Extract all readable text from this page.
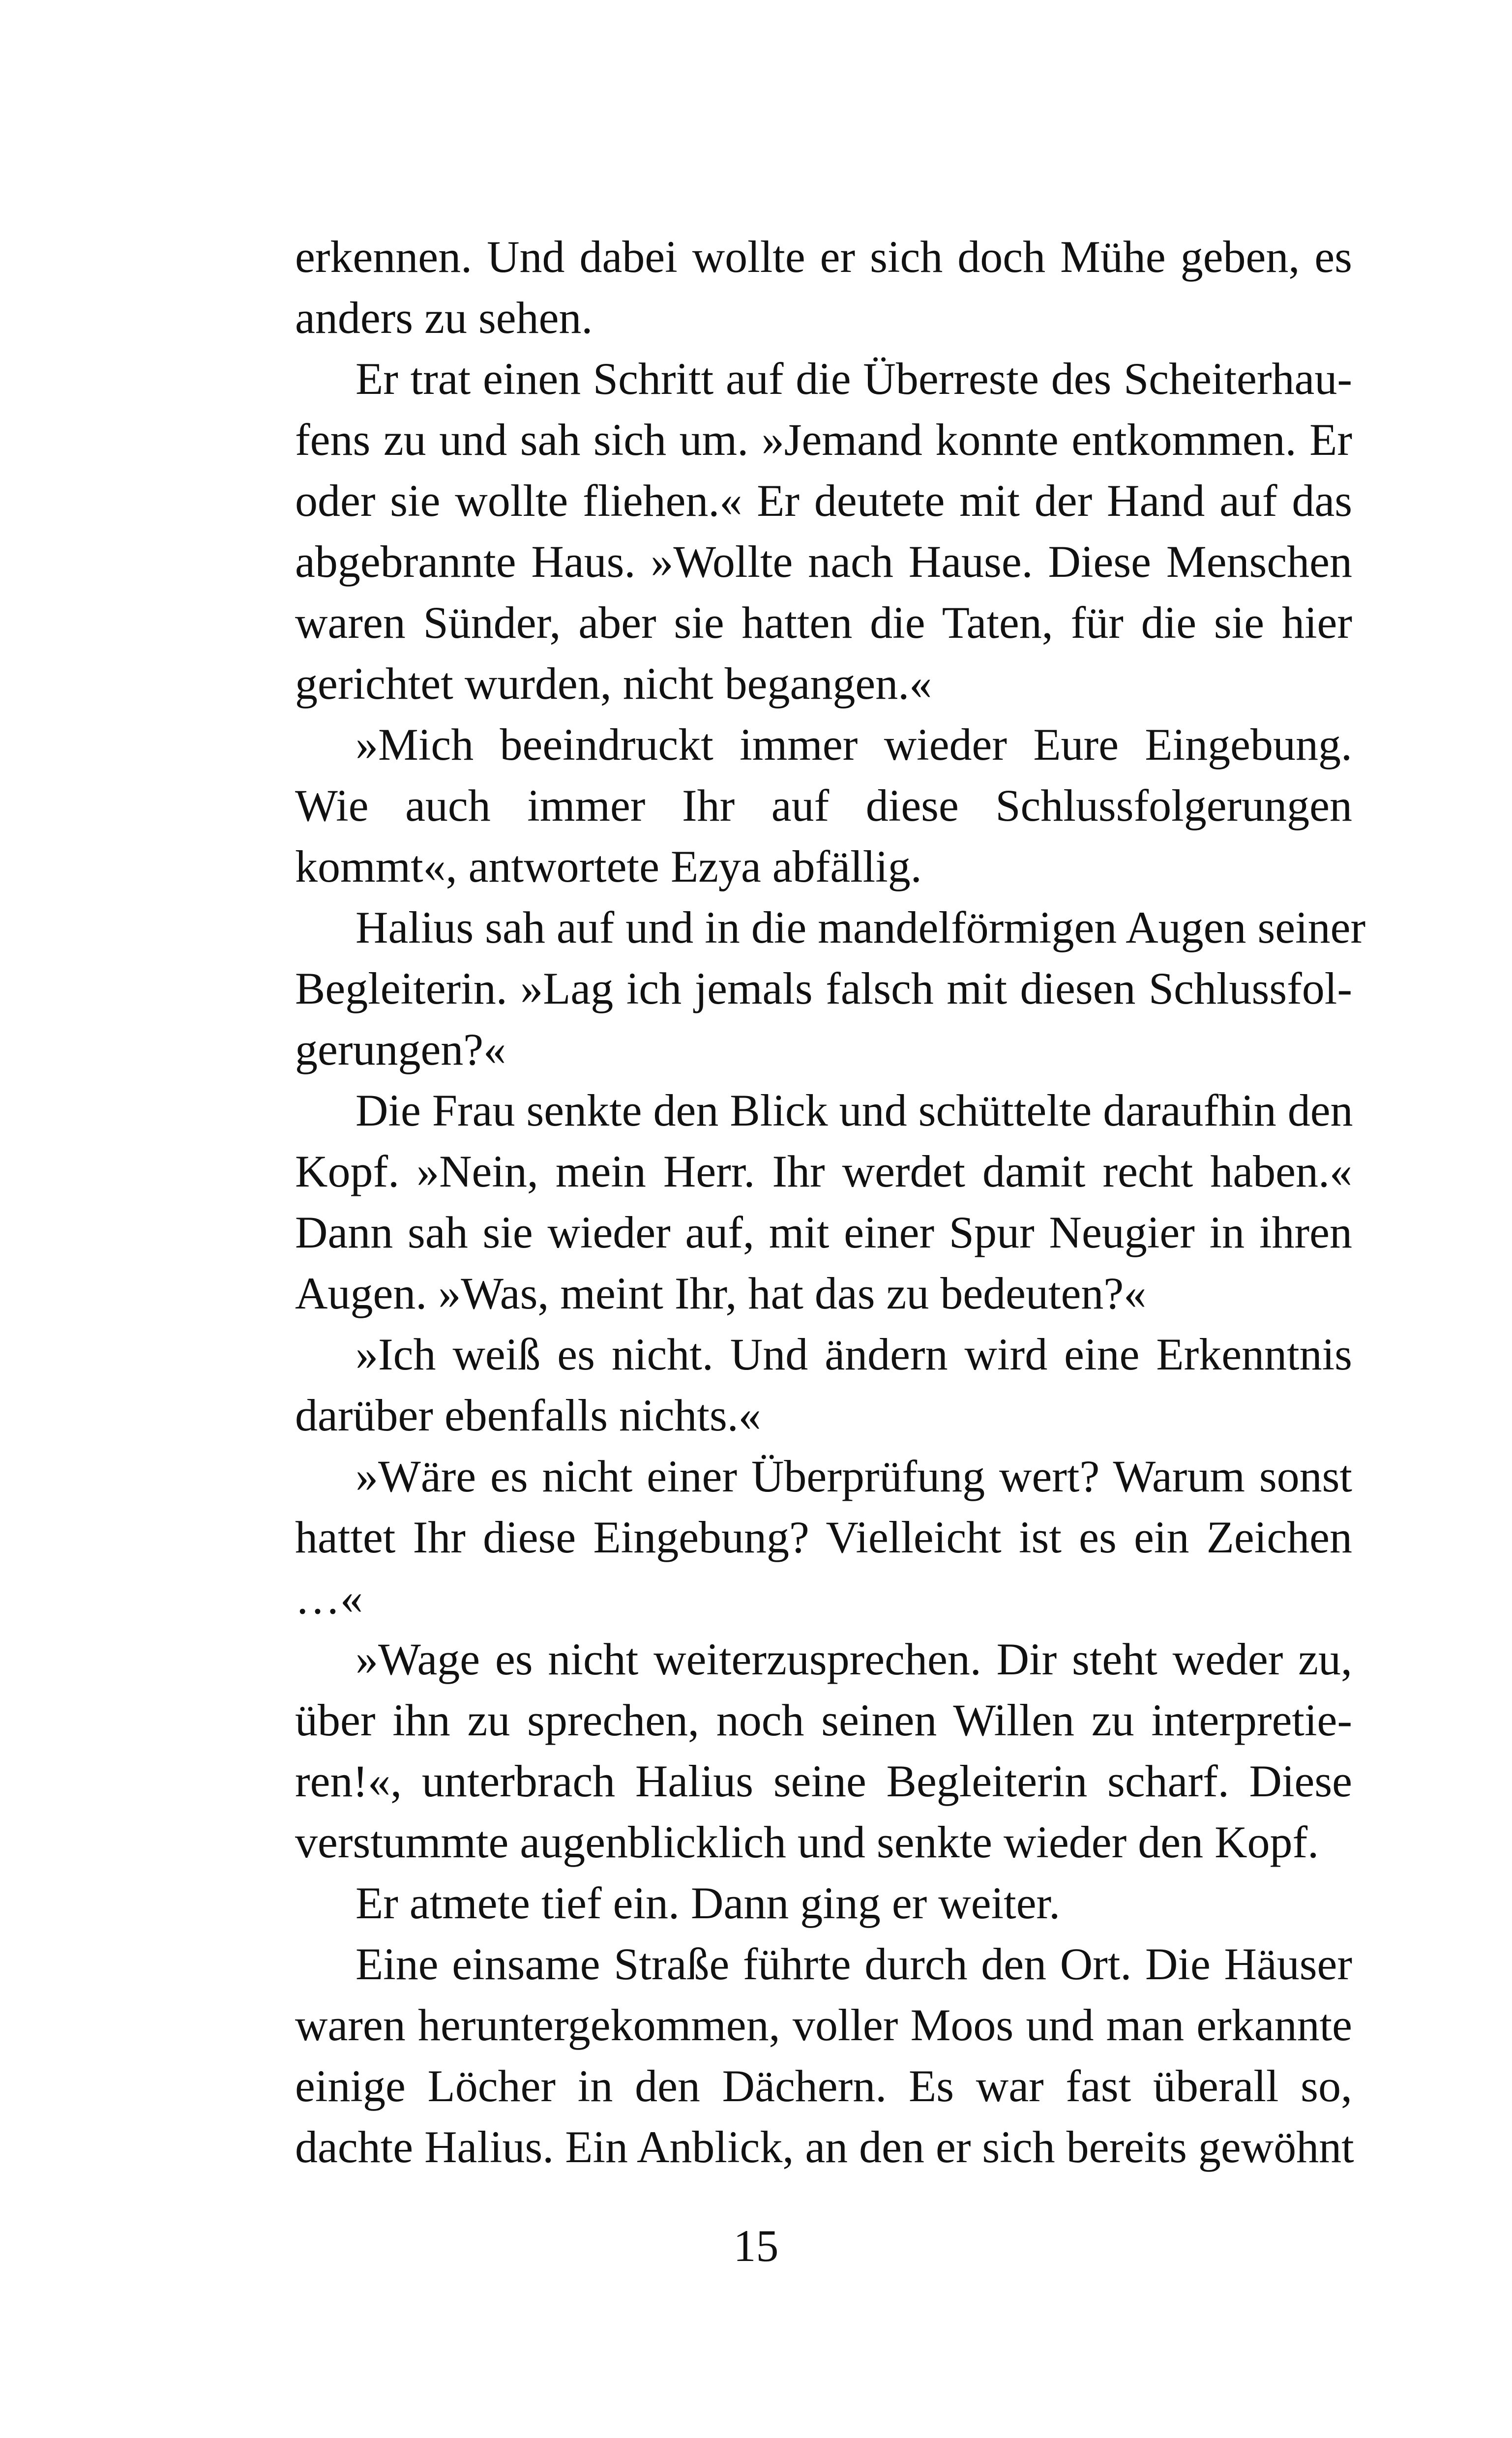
erkennen. Und dabei wollte er sich doch Mühe geben, es
anders zu sehen.
Er trat einen Schritt auf die Überreste des Scheiterhau-
fens zu und sah sich um. »Jemand konnte entkommen. Er
oder sie wollte fliehen.« Er deutete mit der Hand auf das
abgebrannte Haus. »Wollte nach Hause. Diese Menschen
waren Sünder, aber sie hatten die Taten, für die sie hier
gerichtet wurden, nicht begangen.«
»Mich beeindruckt immer wieder Eure Eingebung.
Wie auch immer Ihr auf diese Schlussfolgerungen
kommt«, antwortete Ezya abfällig.
Halius sah auf und in die mandelförmigen Augen seiner
Begleiterin. »Lag ich jemals falsch mit diesen Schlussfol-
gerungen?«
Die Frau senkte den Blick und schüttelte daraufhin den
Kopf. »Nein, mein Herr. Ihr werdet damit recht haben.«
Dann sah sie wieder auf, mit einer Spur Neugier in ihren
Augen. »Was, meint Ihr, hat das zu bedeuten?«
»Ich weiß es nicht. Und ändern wird eine Erkenntnis
darüber ebenfalls nichts.«
»Wäre es nicht einer Überprüfung wert? Warum sonst
hattet Ihr diese Eingebung? Vielleicht ist es ein Zeichen
…«
»Wage es nicht weiterzusprechen. Dir steht weder zu,
über ihn zu sprechen, noch seinen Willen zu interpretie-
ren!«, unterbrach Halius seine Begleiterin scharf. Diese
verstummte augenblicklich und senkte wieder den Kopf.
Er atmete tief ein. Dann ging er weiter.
Eine einsame Straße führte durch den Ort. Die Häuser
waren heruntergekommen, voller Moos und man erkannte
einige Löcher in den Dächern. Es war fast überall so,
dachte Halius. Ein Anblick, an den er sich bereits gewöhnt
15
